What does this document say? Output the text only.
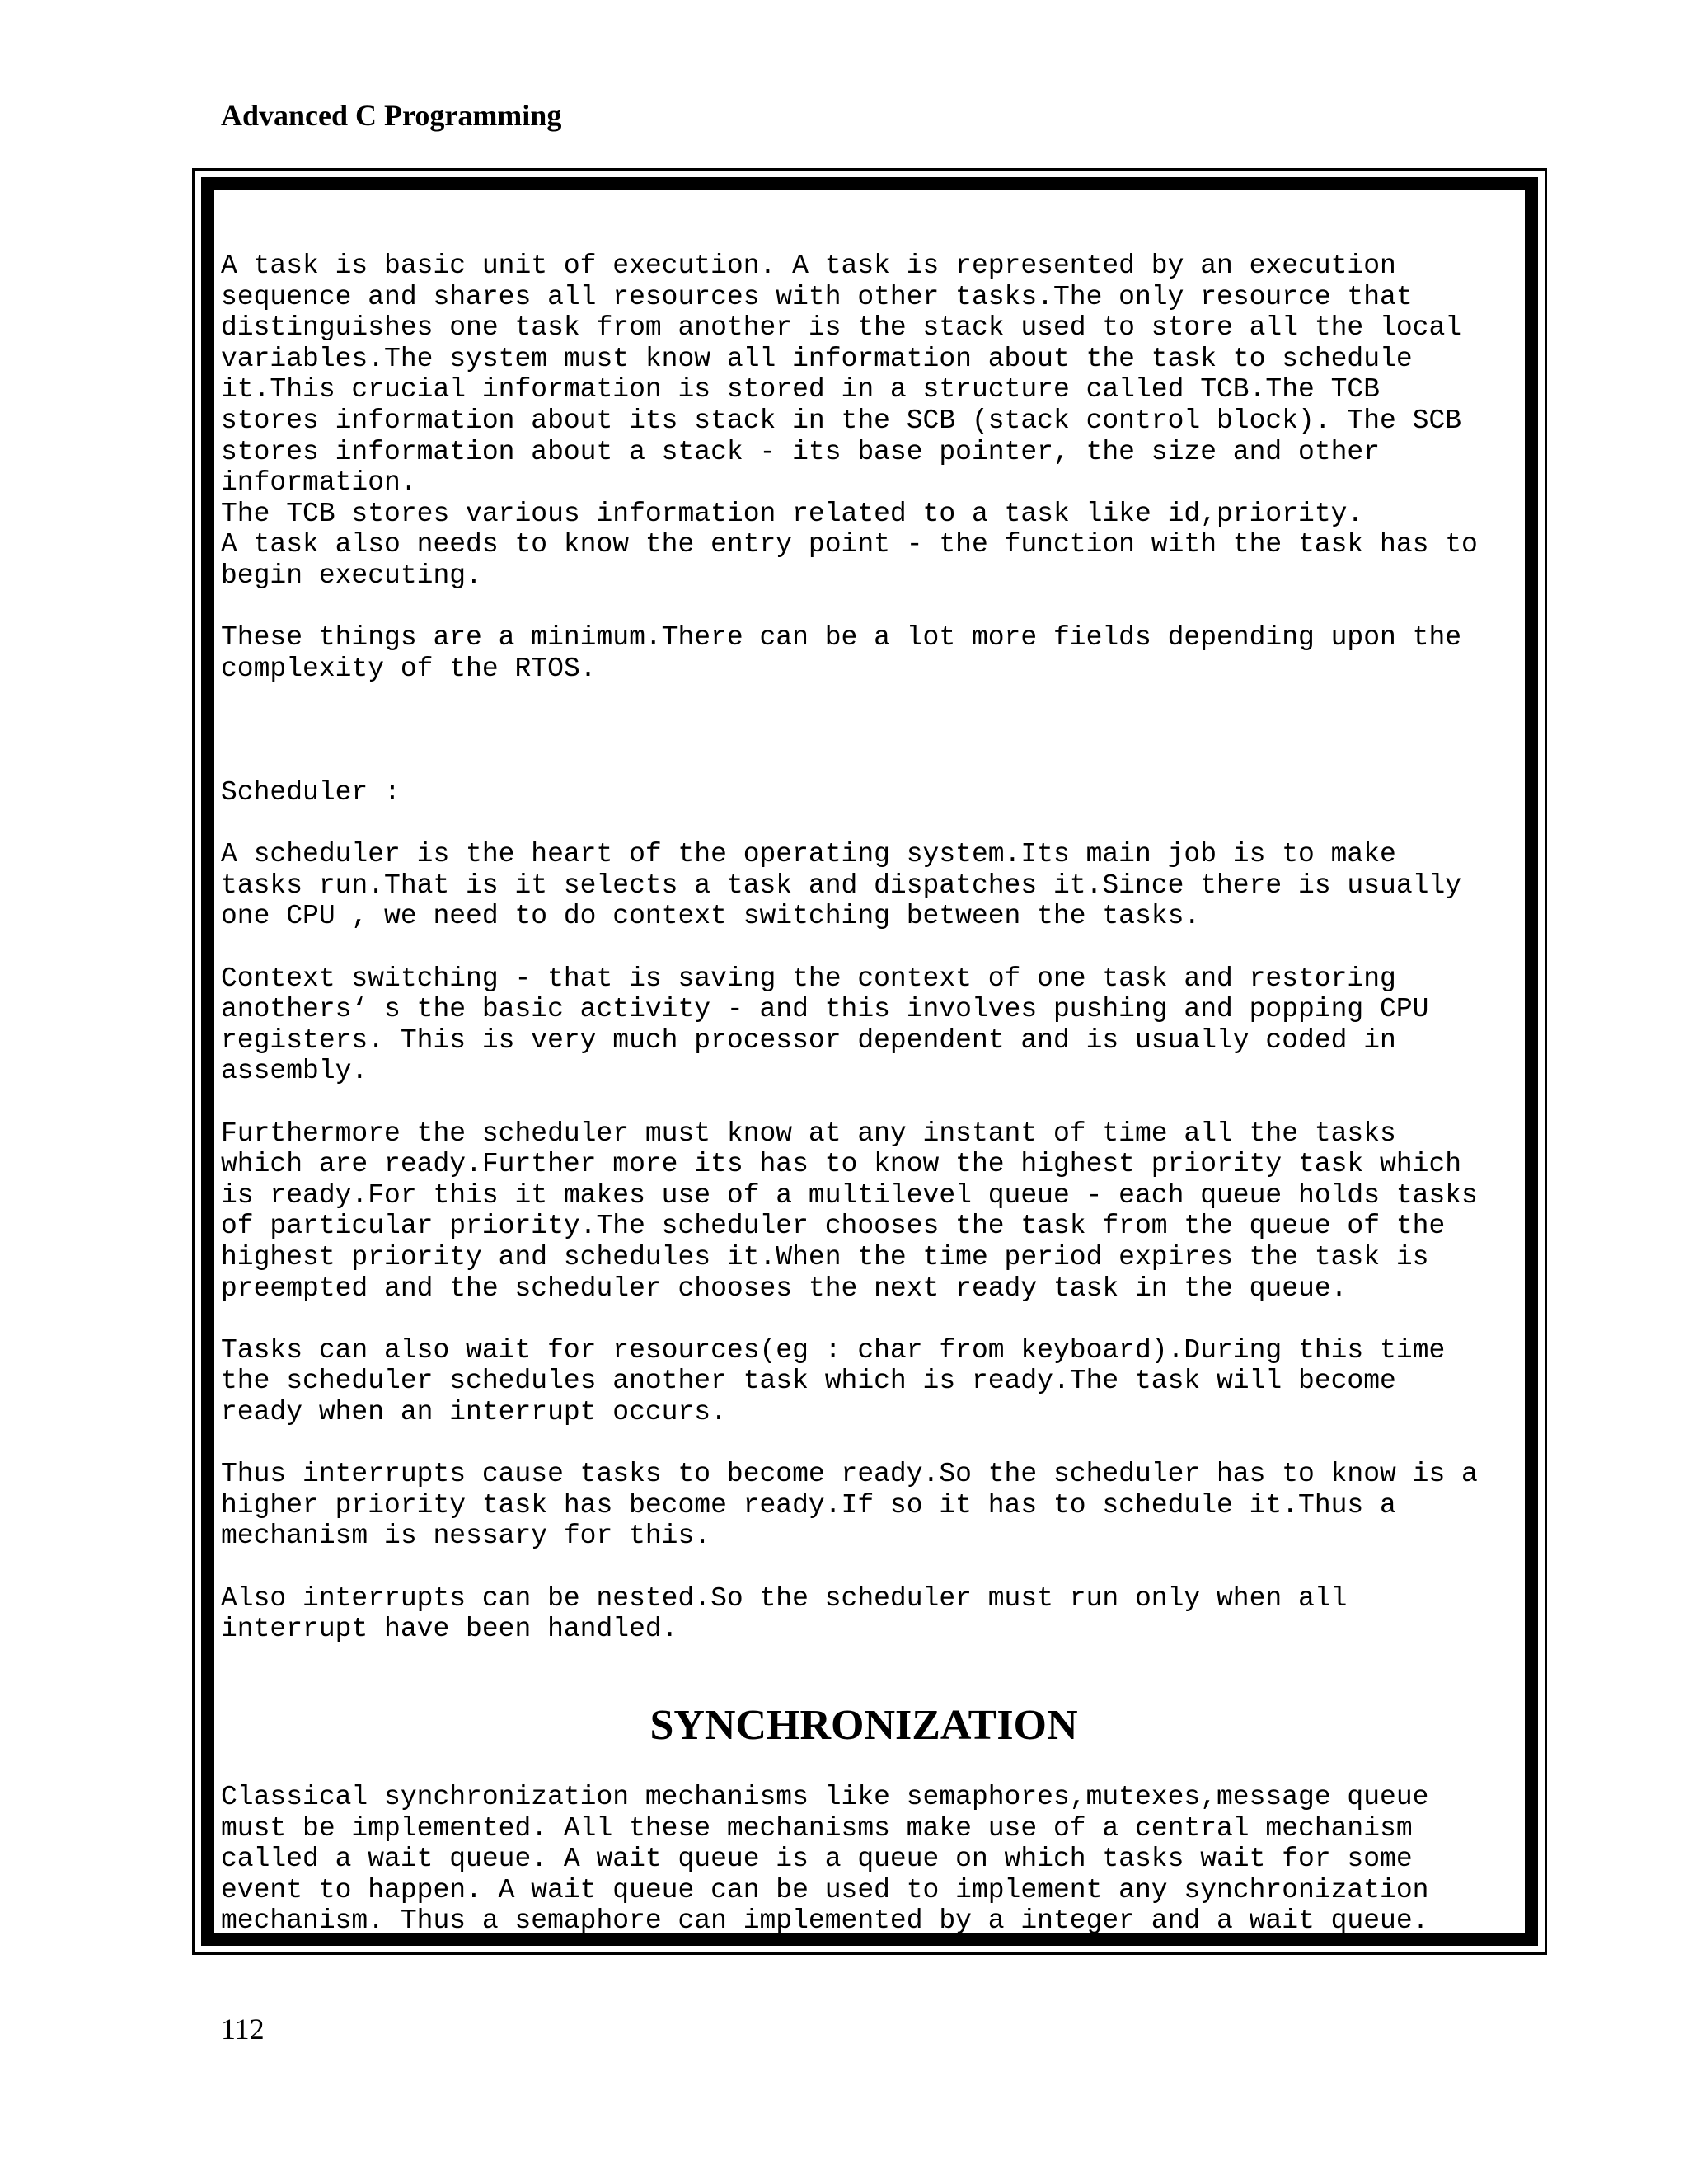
Advanced C Programming
A task is basic unit of execution. A task is represented by an execution
sequence and shares all resources with other tasks.The only resource that
distinguishes one task from another is the stack used to store all the local
variables.The system must know all information about the task to schedule
it.This crucial information is stored in a structure called TCB.The TCB
stores information about its stack in the SCB (stack control block). The SCB
stores information about a stack - its base pointer, the size and other
information.
The TCB stores various information related to a task like id,priority.
A task also needs to know the entry point - the function with the task has to
begin executing.

These things are a minimum.There can be a lot more fields depending upon the
complexity of the RTOS.

Scheduler :

A scheduler is the heart of the operating system.Its main job is to make
tasks run.That is it selects a task and dispatches it.Since there is usually
one CPU , we need to do context switching between the tasks.

Context switching - that is saving the context of one task and restoring
anothers‘ s the basic activity - and this involves pushing and popping CPU
registers. This is very much processor dependent and is usually coded in
assembly.

Furthermore the scheduler must know at any instant of time all the tasks
which are ready.Further more its has to know the highest priority task which
is ready.For this it makes use of a multilevel queue - each queue holds tasks
of particular priority.The scheduler chooses the task from the queue of the
highest priority and schedules it.When the time period expires the task is
preempted and the scheduler chooses the next ready task in the queue.

Tasks can also wait for resources(eg : char from keyboard).During this time
the scheduler schedules another task which is ready.The task will become
ready when an interrupt occurs.

Thus interrupts cause tasks to become ready.So the scheduler has to know is a
higher priority task has become ready.If so it has to schedule it.Thus a
mechanism is nessary for this.

Also interrupts can be nested.So the scheduler must run only when all
interrupt have been handled.
SYNCHRONIZATION
Classical synchronization mechanisms like semaphores,mutexes,message queue
must be implemented. All these mechanisms make use of a central mechanism
called a wait queue. A wait queue is a queue on which tasks wait for some
event to happen. A wait queue can be used to implement any synchronization
mechanism. Thus a semaphore can implemented by a integer and a wait queue.
112
